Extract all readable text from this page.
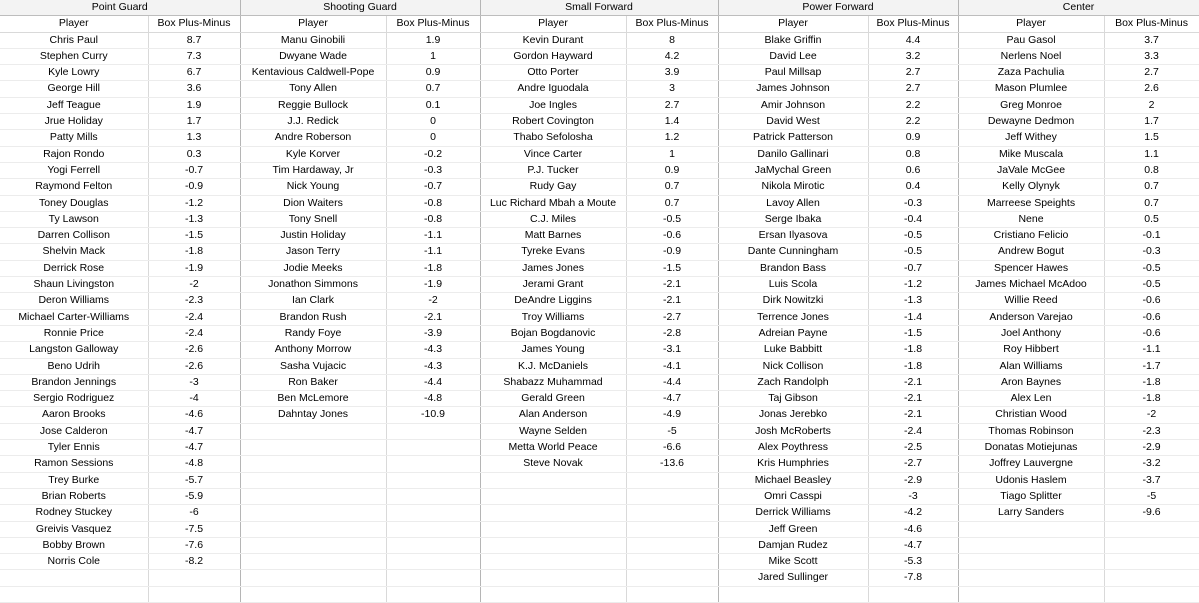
Point Guard		Shooting Guard		Small Forward		Power Forward		Center	
Player	Box Plus-Minus	Player	Box Plus-Minus	Player	Box Plus-Minus	Player	Box Plus-Minus	Player	Box Plus-Minus
Chris Paul	8.7	Manu Ginobili	1.9	Kevin Durant	8	Blake Griffin	4.4	Pau Gasol	3.7
Stephen Curry	7.3	Dwyane Wade	1	Gordon Hayward	4.2	David Lee	3.2	Nerlens Noel	3.3
Kyle Lowry	6.7	Kentavious Caldwell-Pope	0.9	Otto Porter	3.9	Paul Millsap	2.7	Zaza Pachulia	2.7
George Hill	3.6	Tony Allen	0.7	Andre Iguodala	3	James Johnson	2.7	Mason Plumlee	2.6
Jeff Teague	1.9	Reggie Bullock	0.1	Joe Ingles	2.7	Amir Johnson	2.2	Greg Monroe	2
Jrue Holiday	1.7	J.J. Redick	0	Robert Covington	1.4	David West	2.2	Dewayne Dedmon	1.7
Patty Mills	1.3	Andre Roberson	0	Thabo Sefolosha	1.2	Patrick Patterson	0.9	Jeff Withey	1.5
Rajon Rondo	0.3	Kyle Korver	-0.2	Vince Carter	1	Danilo Gallinari	0.8	Mike Muscala	1.1
Yogi Ferrell	-0.7	Tim Hardaway, Jr	-0.3	P.J. Tucker	0.9	JaMychal Green	0.6	JaVale McGee	0.8
Raymond Felton	-0.9	Nick Young	-0.7	Rudy Gay	0.7	Nikola Mirotic	0.4	Kelly Olynyk	0.7
Toney Douglas	-1.2	Dion Waiters	-0.8	Luc Richard Mbah a Moute	0.7	Lavoy Allen	-0.3	Marreese Speights	0.7
Ty Lawson	-1.3	Tony Snell	-0.8	C.J. Miles	-0.5	Serge Ibaka	-0.4	Nene	0.5
Darren Collison	-1.5	Justin Holiday	-1.1	Matt Barnes	-0.6	Ersan Ilyasova	-0.5	Cristiano Felicio	-0.1
Shelvin Mack	-1.8	Jason Terry	-1.1	Tyreke Evans	-0.9	Dante Cunningham	-0.5	Andrew Bogut	-0.3
Derrick Rose	-1.9	Jodie Meeks	-1.8	James Jones	-1.5	Brandon Bass	-0.7	Spencer Hawes	-0.5
Shaun Livingston	-2	Jonathon Simmons	-1.9	Jerami Grant	-2.1	Luis Scola	-1.2	James Michael McAdoo	-0.5
Deron Williams	-2.3	Ian Clark	-2	DeAndre Liggins	-2.1	Dirk Nowitzki	-1.3	Willie Reed	-0.6
Michael Carter-Williams	-2.4	Brandon Rush	-2.1	Troy Williams	-2.7	Terrence Jones	-1.4	Anderson Varejao	-0.6
Ronnie Price	-2.4	Randy Foye	-3.9	Bojan Bogdanovic	-2.8	Adreian Payne	-1.5	Joel Anthony	-0.6
Langston Galloway	-2.6	Anthony Morrow	-4.3	James Young	-3.1	Luke Babbitt	-1.8	Roy Hibbert	-1.1
Beno Udrih	-2.6	Sasha Vujacic	-4.3	K.J. McDaniels	-4.1	Nick Collison	-1.8	Alan Williams	-1.7
Brandon Jennings	-3	Ron Baker	-4.4	Shabazz Muhammad	-4.4	Zach Randolph	-2.1	Aron Baynes	-1.8
Sergio Rodriguez	-4	Ben McLemore	-4.8	Gerald Green	-4.7	Taj Gibson	-2.1	Alex Len	-1.8
Aaron Brooks	-4.6	Dahntay Jones	-10.9	Alan Anderson	-4.9	Jonas Jerebko	-2.1	Christian Wood	-2
Jose Calderon	-4.7			Wayne Selden	-5	Josh McRoberts	-2.4	Thomas Robinson	-2.3
Tyler Ennis	-4.7			Metta World Peace	-6.6	Alex Poythress	-2.5	Donatas Motiejunas	-2.9
Ramon Sessions	-4.8			Steve Novak	-13.6	Kris Humphries	-2.7	Joffrey Lauvergne	-3.2
Trey Burke	-5.7					Michael Beasley	-2.9	Udonis Haslem	-3.7
Brian Roberts	-5.9					Omri Casspi	-3	Tiago Splitter	-5
Rodney Stuckey	-6					Derrick Williams	-4.2	Larry Sanders	-9.6
Greivis Vasquez	-7.5					Jeff Green	-4.6		
Bobby Brown	-7.6					Damjan Rudez	-4.7		
Norris Cole	-8.2					Mike Scott	-5.3		
						Jared Sullinger	-7.8		
